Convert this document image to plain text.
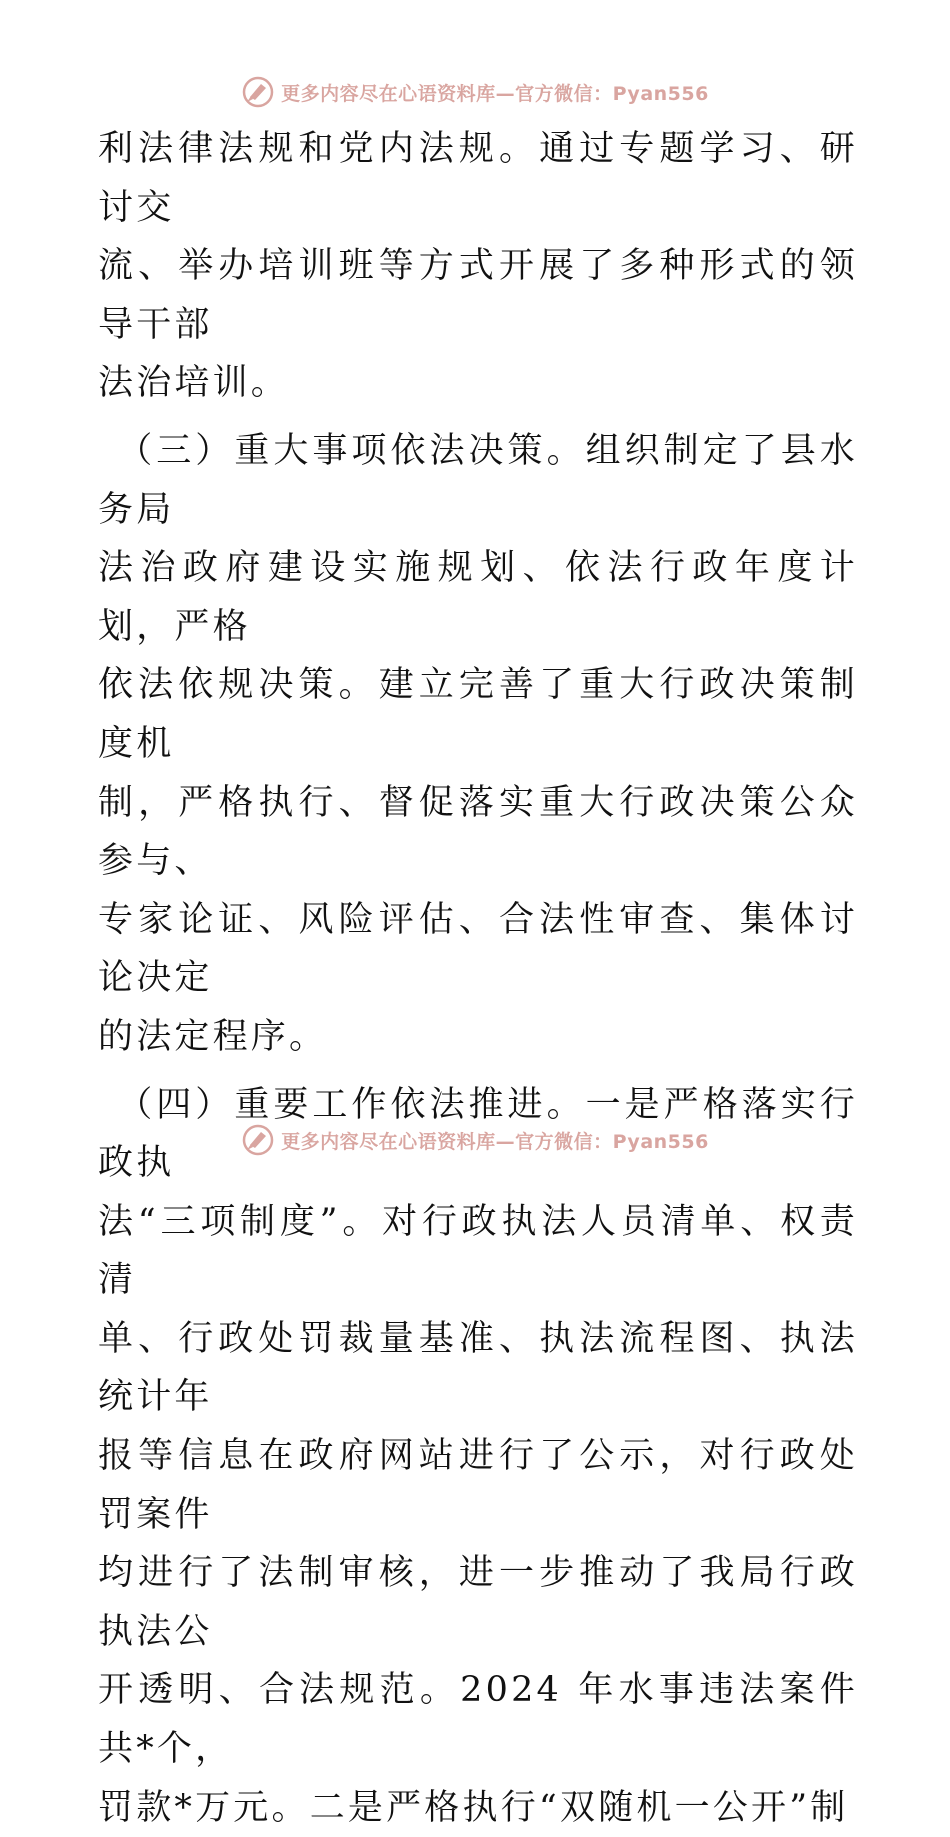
更多内容尽在心语资料库—官方微信：Pyan556
利法律法规和党内法规。通过专题学习、研讨交
流、举办培训班等方式开展了多种形式的领导干部
法治培训。
（三）重大事项依法决策。组织制定了县水务局
法治政府建设实施规划、依法行政年度计划，严格
依法依规决策。建立完善了重大行政决策制度机
制，严格执行、督促落实重大行政决策公众参与、
专家论证、风险评估、合法性审查、集体讨论决定
的法定程序。
（四）重要工作依法推进。一是严格落实行政执
法“三项制度”。对行政执法人员清单、权责清
单、行政处罚裁量基准、执法流程图、执法统计年
报等信息在政府网站进行了公示，对行政处罚案件
均进行了法制审核，进一步推动了我局行政执法公
开透明、合法规范。2024 年水事违法案件共*个，
罚款*万元。二是严格执行“双随机一公开”制
更多内容尽在心语资料库—官方微信：Pyan556
